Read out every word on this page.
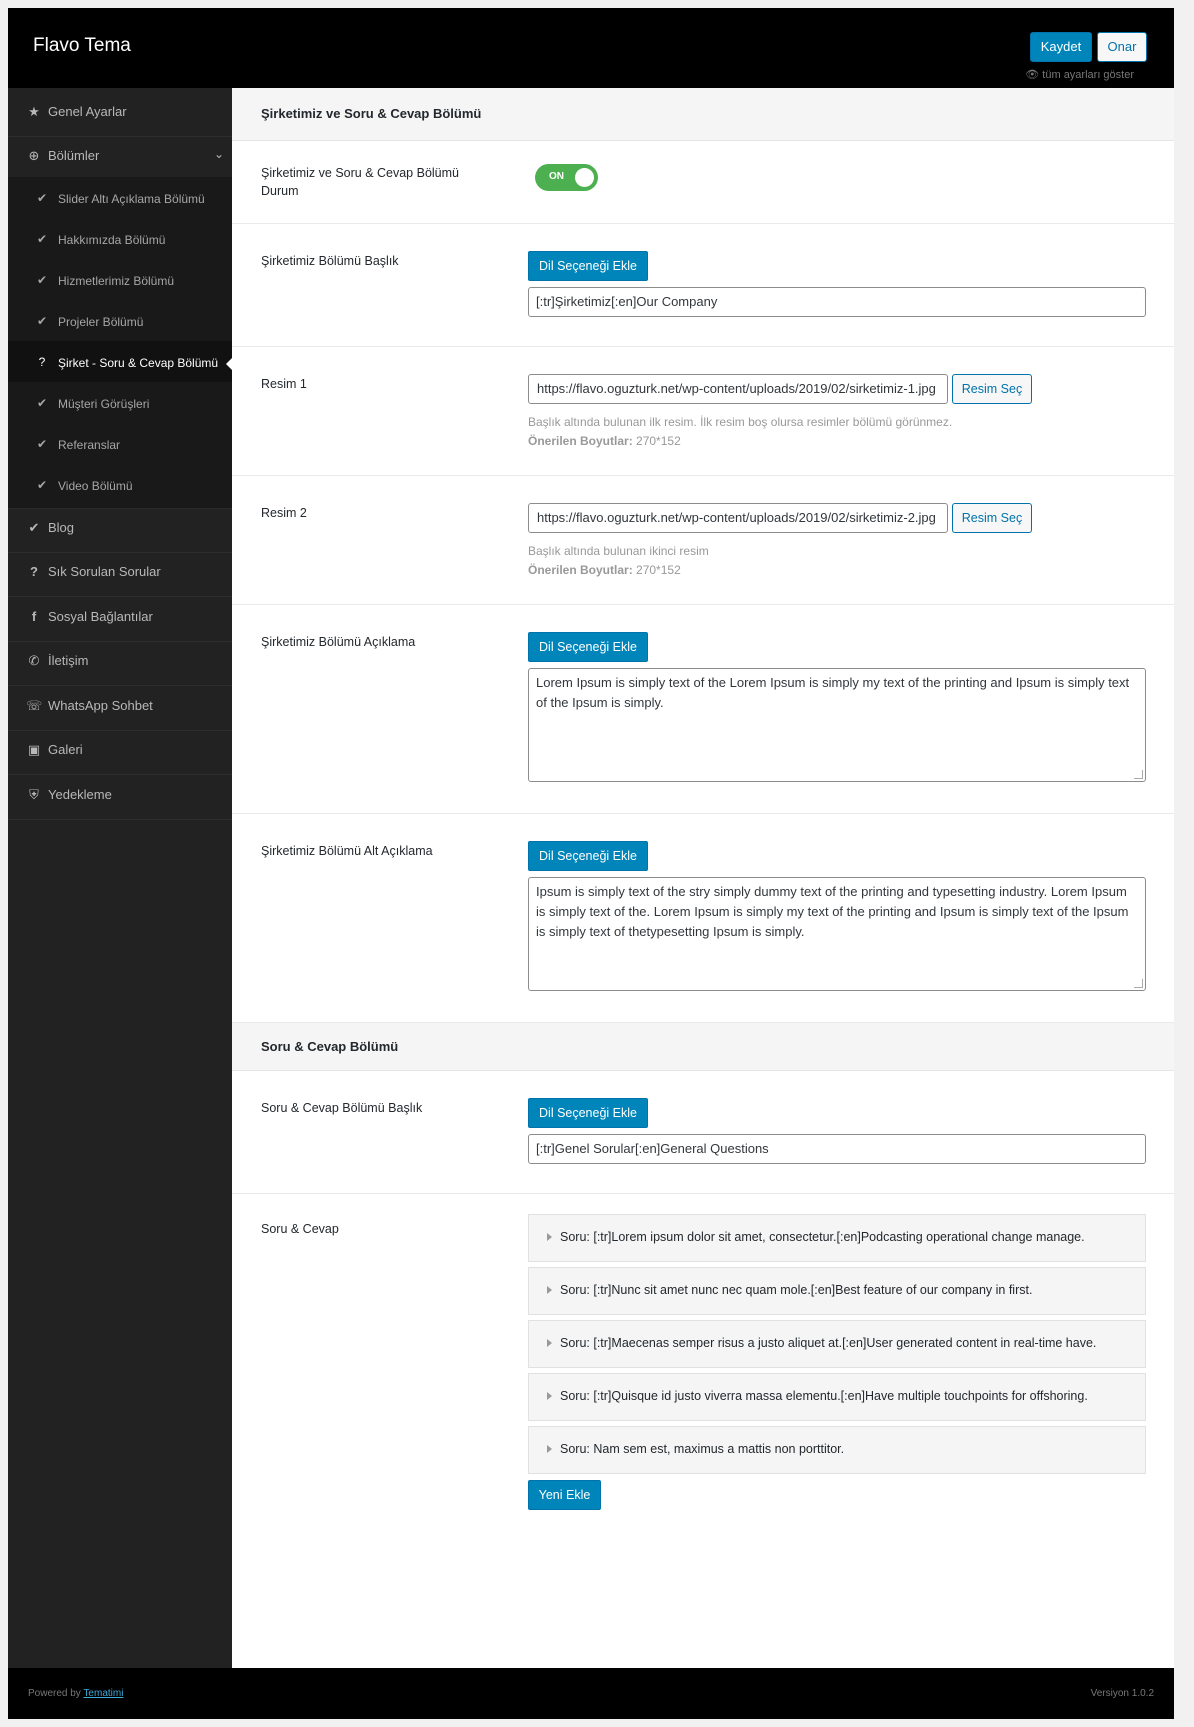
Flavo Tema	Kaydet	Onar
👁 tüm ayarları göster
★ Genel Ayarlar
⊕ Bölümler	⌄
✔ Slider Altı Açıklama Bölümü
✔ Hakkımızda Bölümü
✔ Hizmetlerimiz Bölümü
✔ Projeler Bölümü
?	Şirket - Soru & Cevap Bölümü
✔ Müşteri Görüşleri
✔ Referanslar
✔ Video Bölümü
✔ Blog
? Sık Sorulan Sorular
f Sosyal Bağlantılar
✆ İletişim
☏ WhatsApp Sohbet
▣ Galeri
⛨ Yedekleme
Şirketimiz ve Soru & Cevap Bölümü
Şirketimiz ve Soru & Cevap Bölümü Durum
ON
Şirketimiz Bölümü Başlık	Dil Seçeneği Ekle
[:tr]Şirketimiz[:en]Our Company
Resim 1	https://flavo.oguzturk.net/wp-content/uploads/2019/02/sirketimiz-1.jpg	Resim Seç
Başlık altında bulunan ilk resim. İlk resim boş olursa resimler bölümü görünmez.
Önerilen Boyutlar: 270*152
Resim 2	https://flavo.oguzturk.net/wp-content/uploads/2019/02/sirketimiz-2.jpg	Resim Seç
Başlık altında bulunan ikinci resim
Önerilen Boyutlar: 270*152
Şirketimiz Bölümü Açıklama	Dil Seçeneği Ekle
Lorem Ipsum is simply text of the Lorem Ipsum is simply my text of the printing and Ipsum is simply text of the Ipsum is simply.
Şirketimiz Bölümü Alt Açıklama	Dil Seçeneği Ekle
Ipsum is simply text of the stry simply dummy text of the printing and typesetting industry. Lorem Ipsum is simply text of the. Lorem Ipsum is simply my text of the printing and Ipsum is simply text of the Ipsum is simply text of thetypesetting Ipsum is simply.
Soru & Cevap Bölümü
Soru & Cevap Bölümü Başlık	Dil Seçeneği Ekle
[:tr]Genel Sorular[:en]General Questions
Soru & Cevap
Soru: [:tr]Lorem ipsum dolor sit amet, consectetur.[:en]Podcasting operational change manage.
Soru: [:tr]Nunc sit amet nunc nec quam mole.[:en]Best feature of our company in first.
Soru: [:tr]Maecenas semper risus a justo aliquet at.[:en]User generated content in real-time have.
Soru: [:tr]Quisque id justo viverra massa elementu.[:en]Have multiple touchpoints for offshoring.
Soru: Nam sem est, maximus a mattis non porttitor.
Yeni Ekle
Powered by Tematimi	Versiyon 1.0.2
